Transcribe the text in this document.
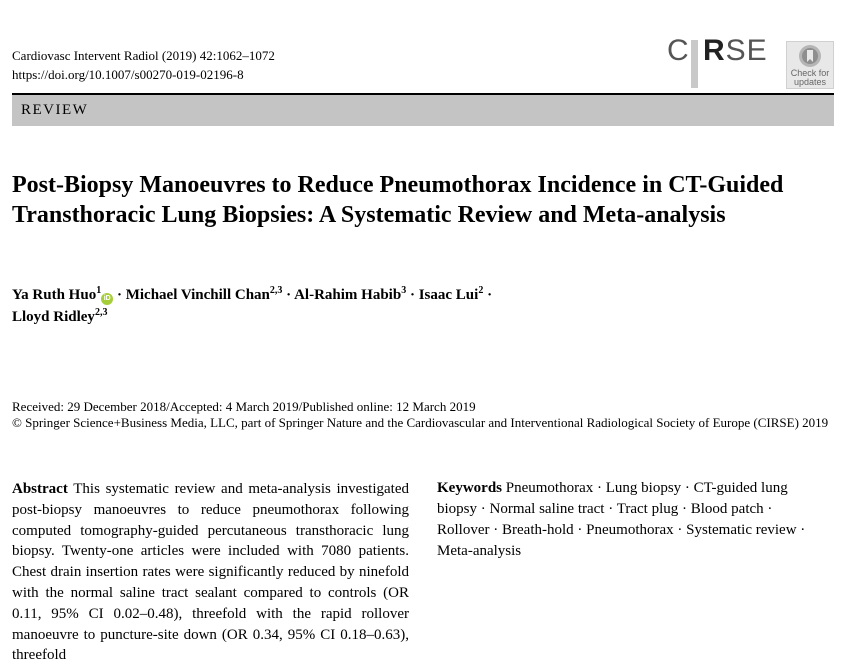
Cardiovasc Intervent Radiol (2019) 42:1062–1072
https://doi.org/10.1007/s00270-019-02196-8
C RSE
Check for
updates
REVIEW
Post-Biopsy Manoeuvres to Reduce Pneumothorax Incidence in CT-Guided Transthoracic Lung Biopsies: A Systematic Review and Meta-analysis
Ya Ruth Huo$^1$iD · Michael Vinchill Chan$^{2,3}$ · Al-Rahim Habib$^3$ · Isaac Lui$^2$ ·
Lloyd Ridley$^{2,3}$
Received: 29 December 2018/Accepted: 4 March 2019/Published online: 12 March 2019
© Springer Science+Business Media, LLC, part of Springer Nature and the Cardiovascular and Interventional Radiological Society of Europe (CIRSE) 2019
Abstract This systematic review and meta-analysis investigated post-biopsy manoeuvres to reduce pneumothorax following computed tomography-guided percutaneous transthoracic lung biopsy. Twenty-one articles were included with 7080 patients. Chest drain insertion rates were significantly reduced by ninefold with the normal saline tract sealant compared to controls (OR 0.11, 95% CI 0.02–0.48), threefold with the rapid rollover manoeuvre to puncture-site down (OR 0.34, 95% CI 0.18–0.63), threefold
Keywords Pneumothorax · Lung biopsy · CT-guided lung biopsy · Normal saline tract · Tract plug · Blood patch · Rollover · Breath-hold · Pneumothorax · Systematic review · Meta-analysis
